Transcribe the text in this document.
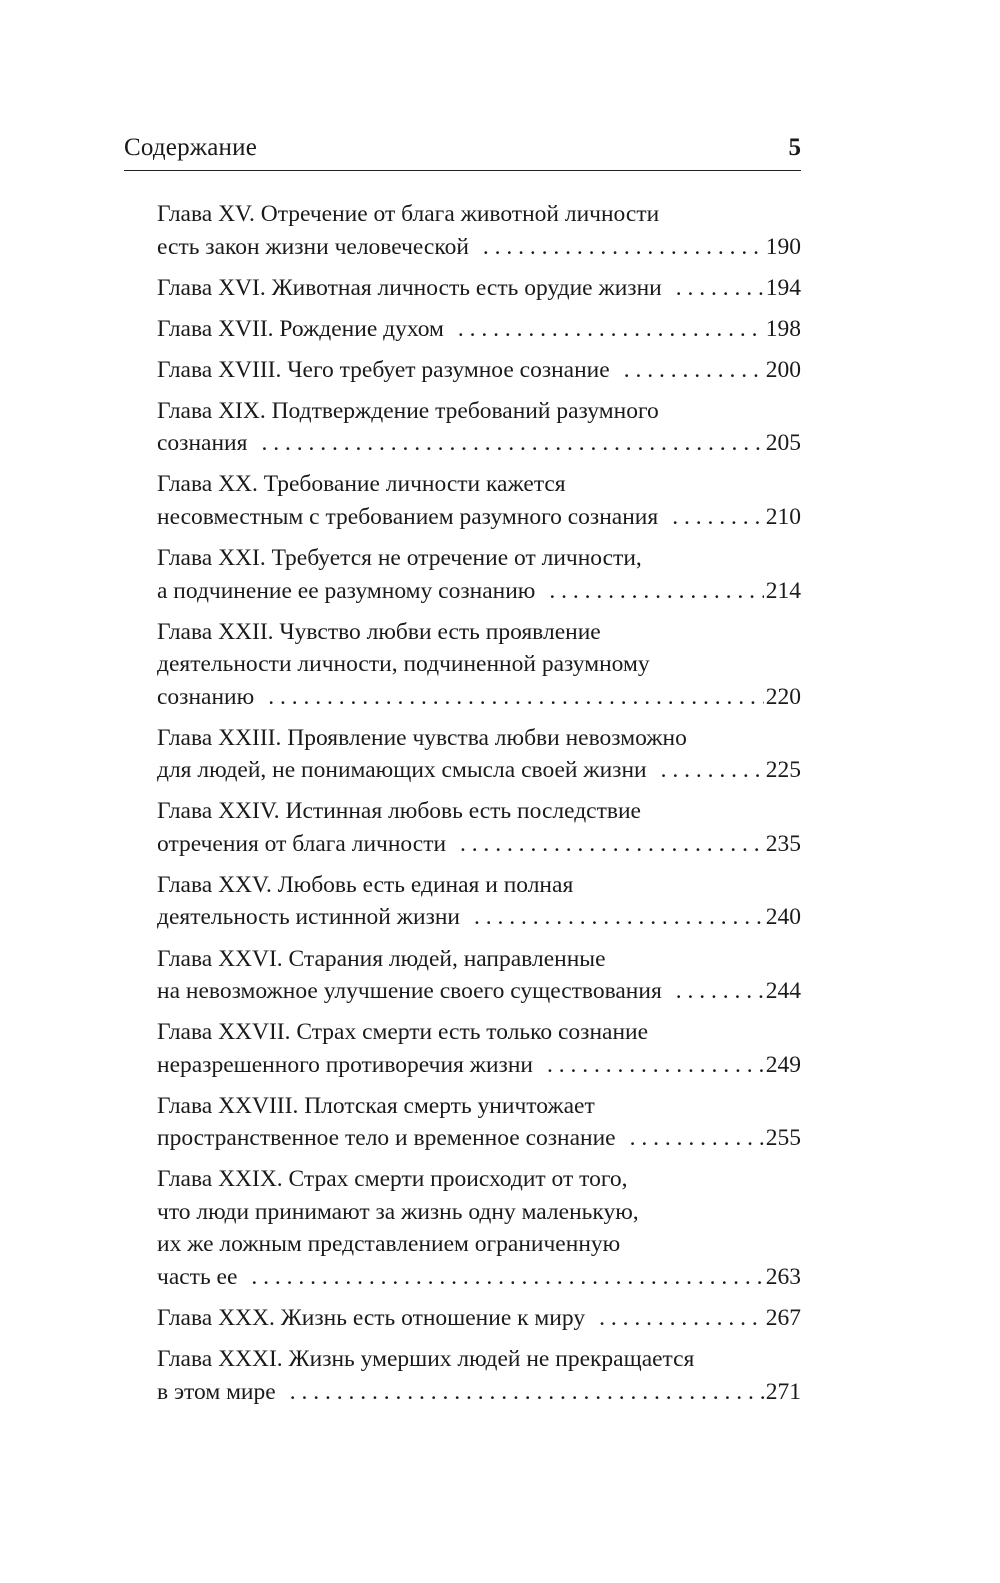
Содержание	5
Глава XV. Отречение от блага животной личности
есть закон жизни человеческой . . .	190
Глава XVI. Животная личность есть орудие жизни . . .	194
Глава XVII. Рождение духом . . .	198
Глава XVIII. Чего требует разумное сознание . . .	200
Глава XIX. Подтверждение требований разумного
сознания . . .	205
Глава XX. Требование личности кажется
несовместным с требованием разумного сознания . . .	210
Глава XXI. Требуется не отречение от личности,
а подчинение ее разумному сознанию . . .	214
Глава XXII. Чувство любви есть проявление
деятельности личности, подчиненной разумному
сознанию . . .	220
Глава XXIII. Проявление чувства любви невозможно
для людей, не понимающих смысла своей жизни . . .	225
Глава XXIV. Истинная любовь есть последствие
отречения от блага личности . . .	235
Глава XXV. Любовь есть единая и полная
деятельность истинной жизни . . .	240
Глава XXVI. Старания людей, направленные
на невозможное улучшение своего существования . . .	244
Глава XXVII. Страх смерти есть только сознание
неразрешенного противоречия жизни . . .	249
Глава XXVIII. Плотская смерть уничтожает
пространственное тело и временное сознание . . .	255
Глава XXIX. Страх смерти происходит от того,
что люди принимают за жизнь одну маленькую,
их же ложным представлением ограниченную
часть ее . . .	263
Глава XXX. Жизнь есть отношение к миру . . .	267
Глава XXXI. Жизнь умерших людей не прекращается
в этом мире . . .	271
